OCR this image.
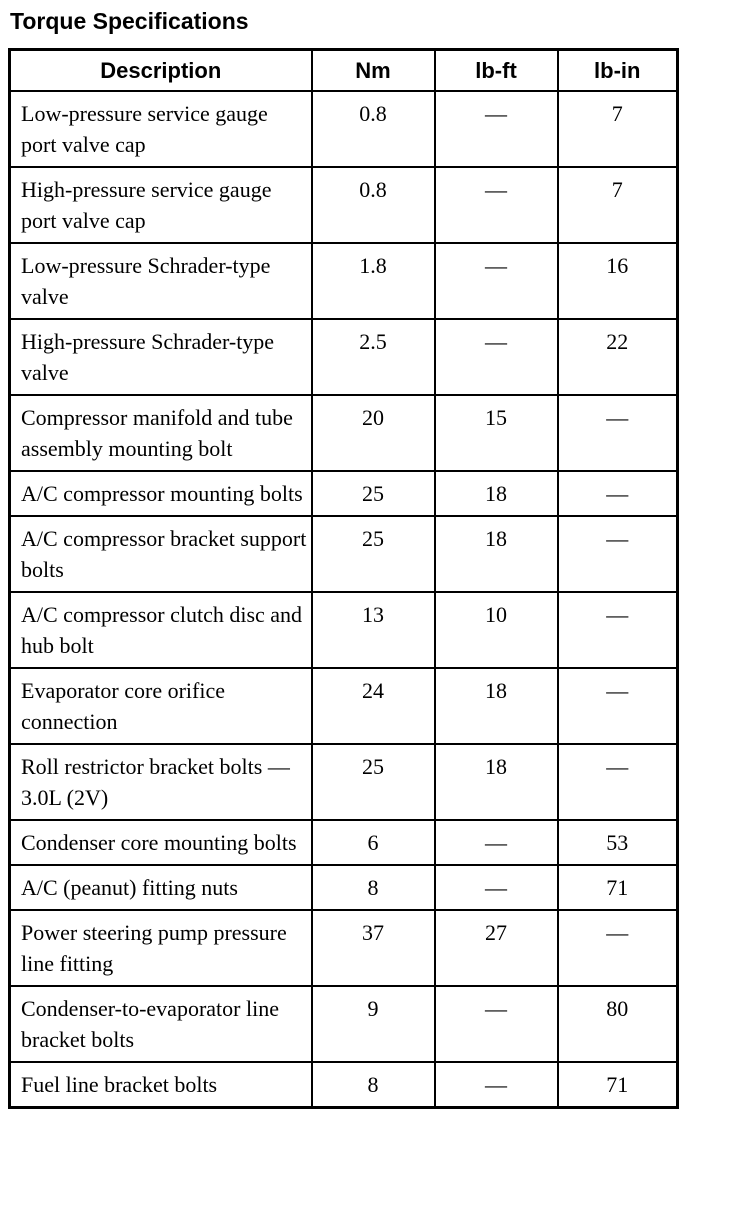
Torque Specifications
Description	Nm	lb-ft	lb-in
Low-pressure service gauge port valve cap	0.8	—	7
High-pressure service gauge port valve cap	0.8	—	7
Low-pressure Schrader-type valve	1.8	—	16
High-pressure Schrader-type valve	2.5	—	22
Compressor manifold and tube assembly mounting bolt	20	15	—
A/C compressor mounting bolts	25	18	—
A/C compressor bracket support bolts	25	18	—
A/C compressor clutch disc and hub bolt	13	10	—
Evaporator core orifice connection	24	18	—
Roll restrictor bracket bolts — 3.0L (2V)	25	18	—
Condenser core mounting bolts	6	—	53
A/C (peanut) fitting nuts	8	—	71
Power steering pump pressure line fitting	37	27	—
Condenser-to-evaporator line bracket bolts	9	—	80
Fuel line bracket bolts	8	—	71
